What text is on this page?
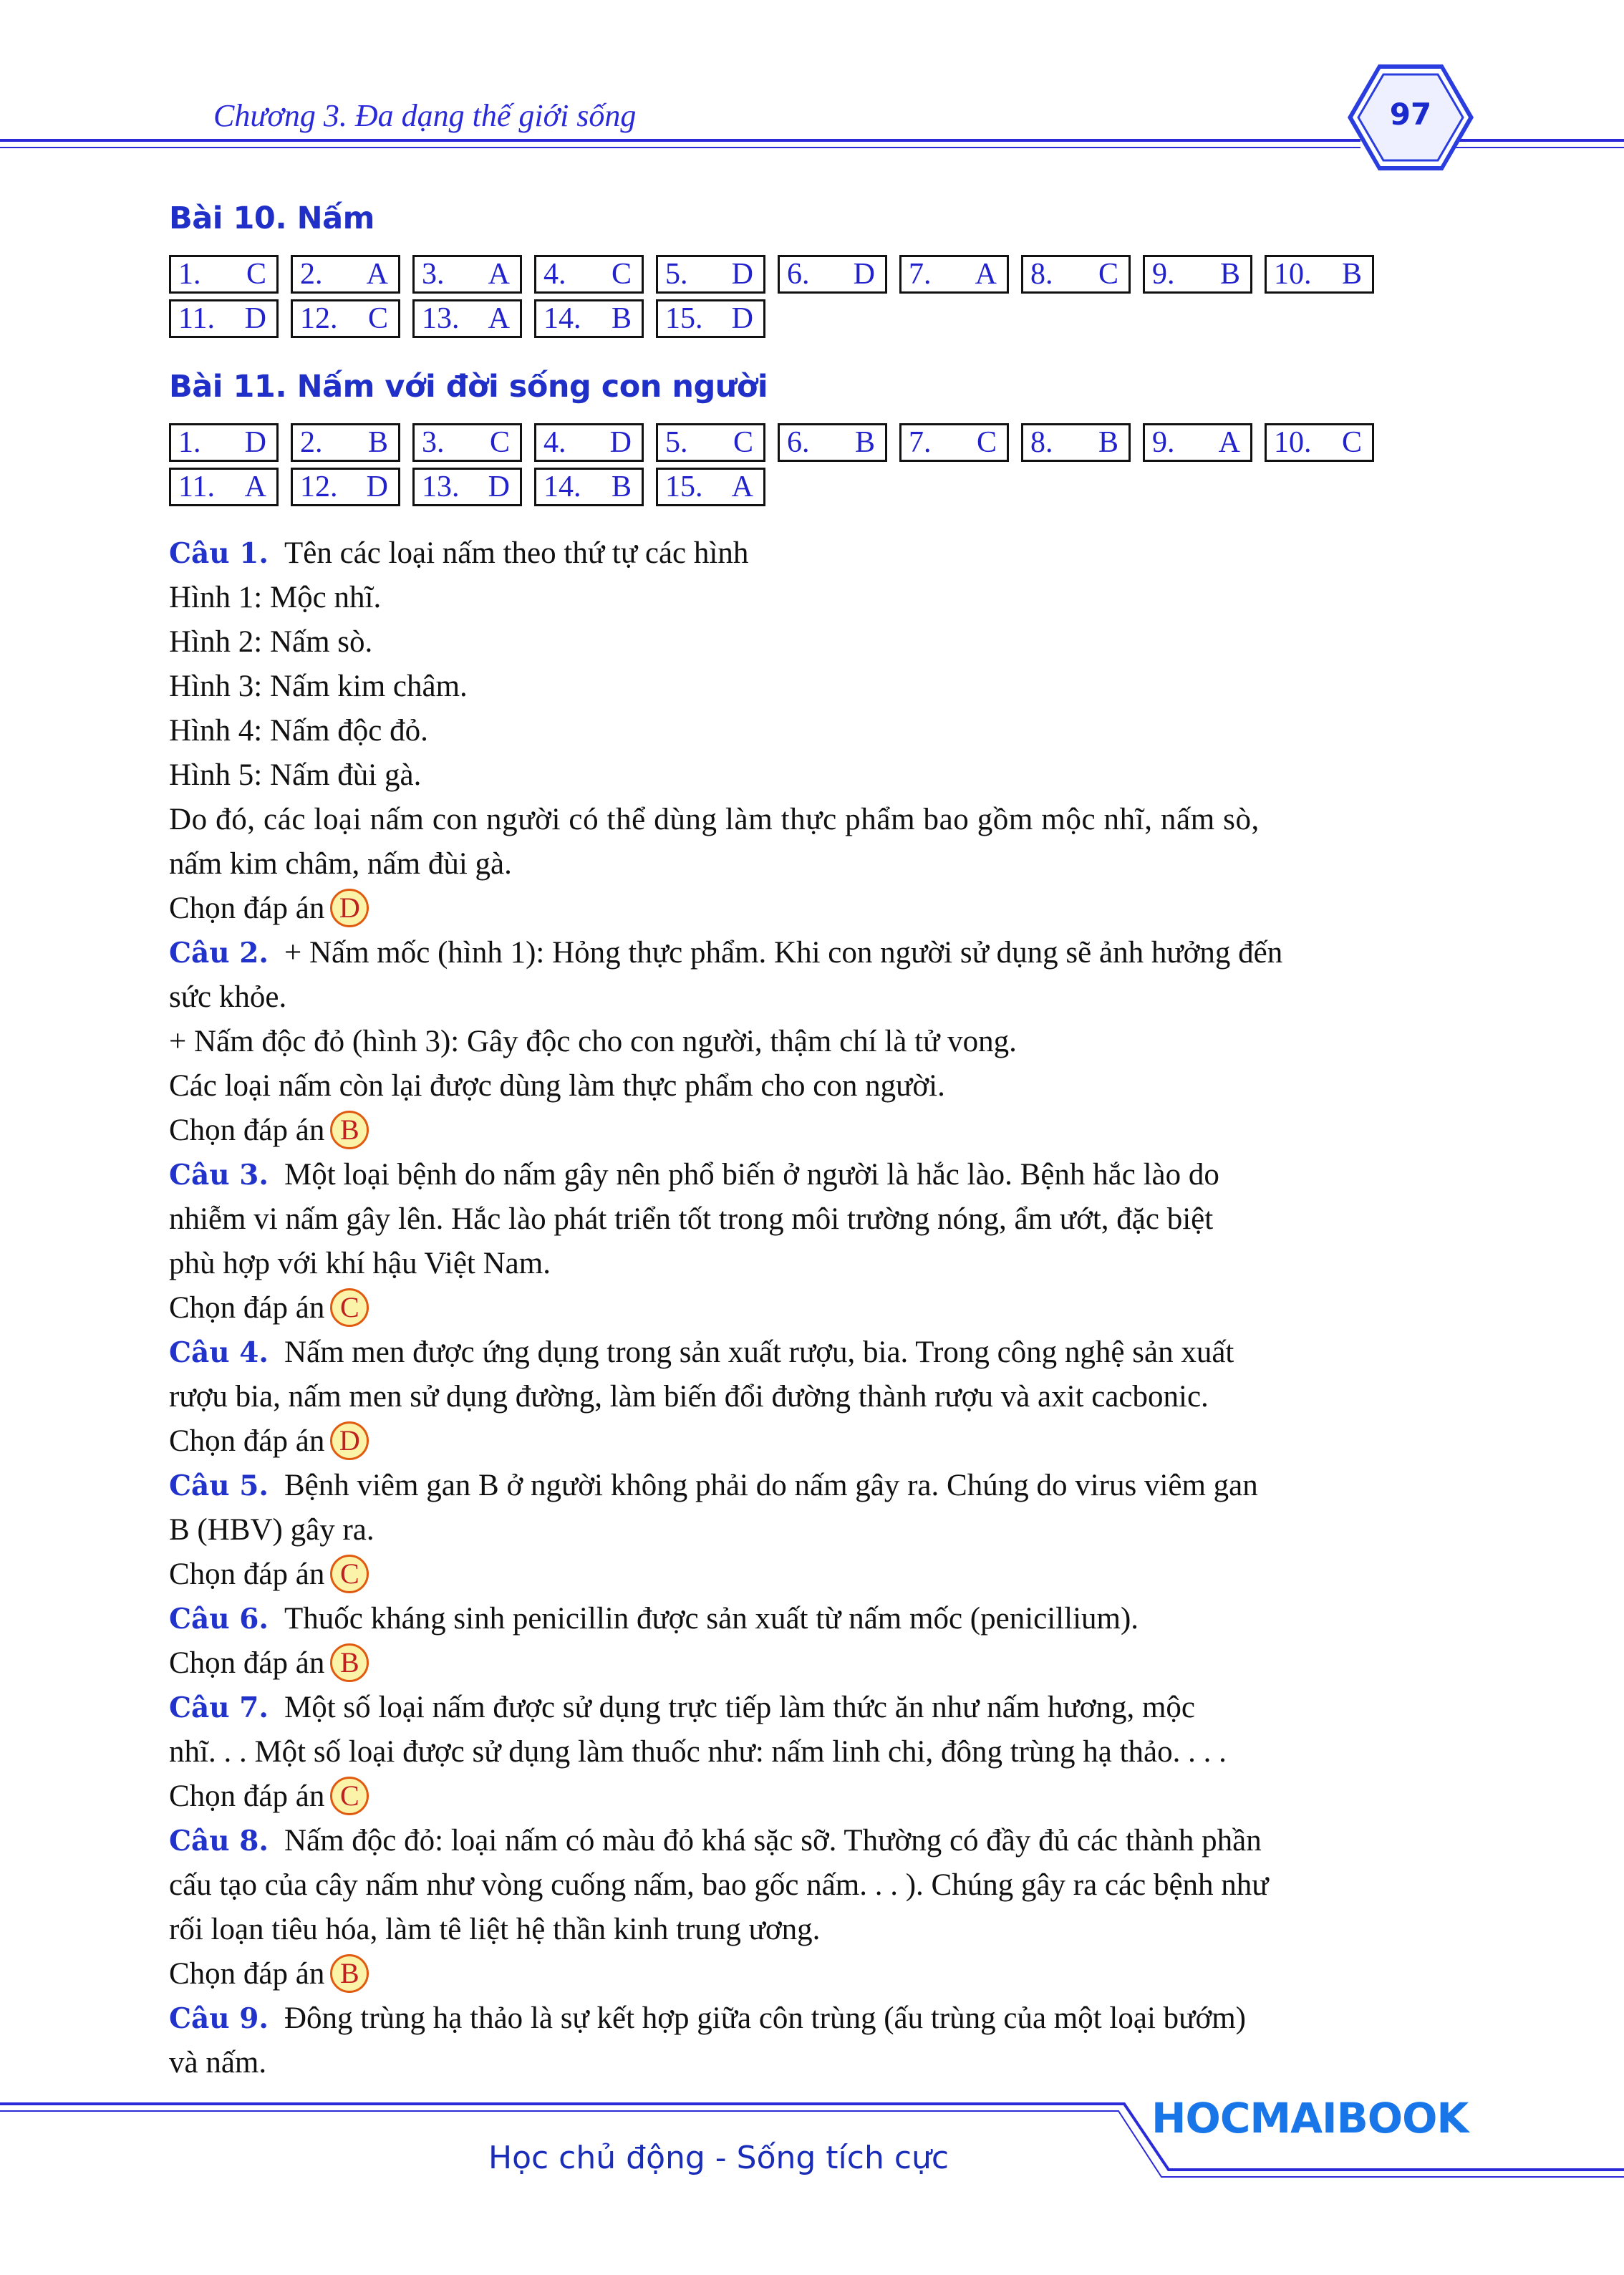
Chương 3. Đa dạng thế giới sống	97
Bài 10. Nấm
1. C 2. A 3. A 4. C 5. D 6. D 7. A 8. C 9. B 10. B
11. D 12. C 13. A 14. B 15. D
Bài 11. Nấm với đời sống con người
1. D 2. B 3. C 4. D 5. C 6. B 7. C 8. B 9. A 10. C
11. A 12. D 13. D 14. B 15. A
Câu 1. Tên các loại nấm theo thứ tự các hình
Hình 1: Mộc nhĩ.
Hình 2: Nấm sò.
Hình 3: Nấm kim châm.
Hình 4: Nấm độc đỏ.
Hình 5: Nấm đùi gà.
Do đó, các loại nấm con người có thể dùng làm thực phẩm bao gồm mộc nhĩ, nấm sò,
nấm kim châm, nấm đùi gà.
Chọn đáp án D
Câu 2. + Nấm mốc (hình 1): Hỏng thực phẩm. Khi con người sử dụng sẽ ảnh hưởng đến
sức khỏe.
+ Nấm độc đỏ (hình 3): Gây độc cho con người, thậm chí là tử vong.
Các loại nấm còn lại được dùng làm thực phẩm cho con người.
Chọn đáp án B
Câu 3. Một loại bệnh do nấm gây nên phổ biến ở người là hắc lào. Bệnh hắc lào do
nhiễm vi nấm gây lên. Hắc lào phát triển tốt trong môi trường nóng, ẩm ướt, đặc biệt
phù hợp với khí hậu Việt Nam.
Chọn đáp án C
Câu 4. Nấm men được ứng dụng trong sản xuất rượu, bia. Trong công nghệ sản xuất
rượu bia, nấm men sử dụng đường, làm biến đổi đường thành rượu và axit cacbonic.
Chọn đáp án D
Câu 5. Bệnh viêm gan B ở người không phải do nấm gây ra. Chúng do virus viêm gan
B (HBV) gây ra.
Chọn đáp án C
Câu 6. Thuốc kháng sinh penicillin được sản xuất từ nấm mốc (penicillium).
Chọn đáp án B
Câu 7. Một số loại nấm được sử dụng trực tiếp làm thức ăn như nấm hương, mộc
nhĩ. . . Một số loại được sử dụng làm thuốc như: nấm linh chi, đông trùng hạ thảo. . . .
Chọn đáp án C
Câu 8. Nấm độc đỏ: loại nấm có màu đỏ khá sặc sỡ. Thường có đầy đủ các thành phần
cấu tạo của cây nấm như vòng cuống nấm, bao gốc nấm. . . ). Chúng gây ra các bệnh như
rối loạn tiêu hóa, làm tê liệt hệ thần kinh trung ương.
Chọn đáp án B
Câu 9. Đông trùng hạ thảo là sự kết hợp giữa côn trùng (ấu trùng của một loại bướm)
và nấm.
HOCMAIBOOK
Học chủ động - Sống tích cực
